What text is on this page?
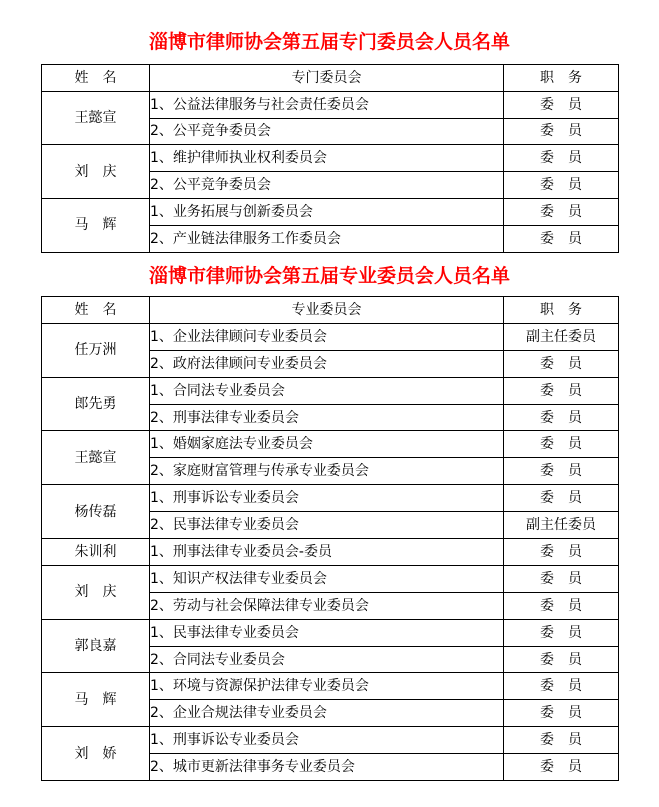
淄博市律师协会第五届专门委员会人员名单
姓　名	专门委员会	职　务
王懿宣	1、公益法律服务与社会责任委员会	委　员
	2、公平竞争委员会	委　员
刘　庆	1、维护律师执业权利委员会	委　员
	2、公平竞争委员会	委　员
马　辉	1、业务拓展与创新委员会	委　员
	2、产业链法律服务工作委员会	委　员
淄博市律师协会第五届专业委员会人员名单
姓　名	专业委员会	职　务
任万洲	1、企业法律顾问专业委员会	副主任委员
	2、政府法律顾问专业委员会	委　员
郎先勇	1、合同法专业委员会	委　员
	2、刑事法律专业委员会	委　员
王懿宣	1、婚姻家庭法专业委员会	委　员
	2、家庭财富管理与传承专业委员会	委　员
杨传磊	1、刑事诉讼专业委员会	委　员
	2、民事法律专业委员会	副主任委员
朱训利	1、刑事法律专业委员会-委员	委　员
刘　庆	1、知识产权法律专业委员会	委　员
	2、劳动与社会保障法律专业委员会	委　员
郭良嘉	1、民事法律专业委员会	委　员
	2、合同法专业委员会	委　员
马　辉	1、环境与资源保护法律专业委员会	委　员
	2、企业合规法律专业委员会	委　员
刘　娇	1、刑事诉讼专业委员会	委　员
	2、城市更新法律事务专业委员会	委　员
